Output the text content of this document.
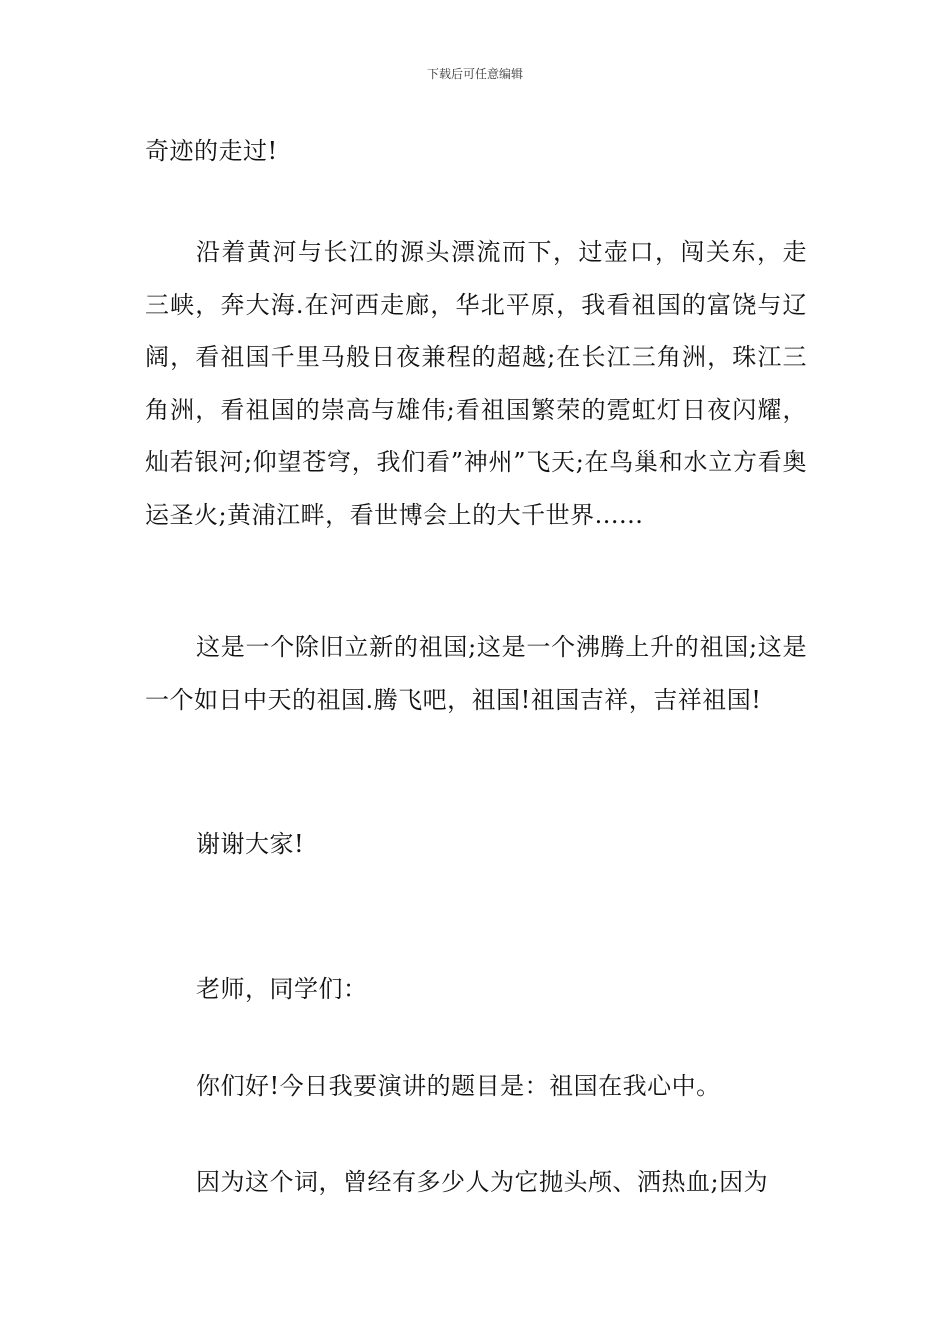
下载后可任意编辑

奇迹的走过!

沿着黄河与长江的源头漂流而下，过壶口，闯关东，走三峡，奔大海.在河西走廊，华北平原，我看祖国的富饶与辽阔，看祖国千里马般日夜兼程的超越;在长江三角洲，珠江三角洲，看祖国的崇高与雄伟;看祖国繁荣的霓虹灯日夜闪耀，灿若银河;仰望苍穹，我们看”神州”飞天;在鸟巢和水立方看奥运圣火;黄浦江畔，看世博会上的大千世界......

这是一个除旧立新的祖国;这是一个沸腾上升的祖国;这是一个如日中天的祖国.腾飞吧，祖国!祖国吉祥，吉祥祖国!

谢谢大家!

老师，同学们：

你们好!今日我要演讲的题目是：祖国在我心中。

因为这个词，曾经有多少人为它抛头颅、洒热血;因为
